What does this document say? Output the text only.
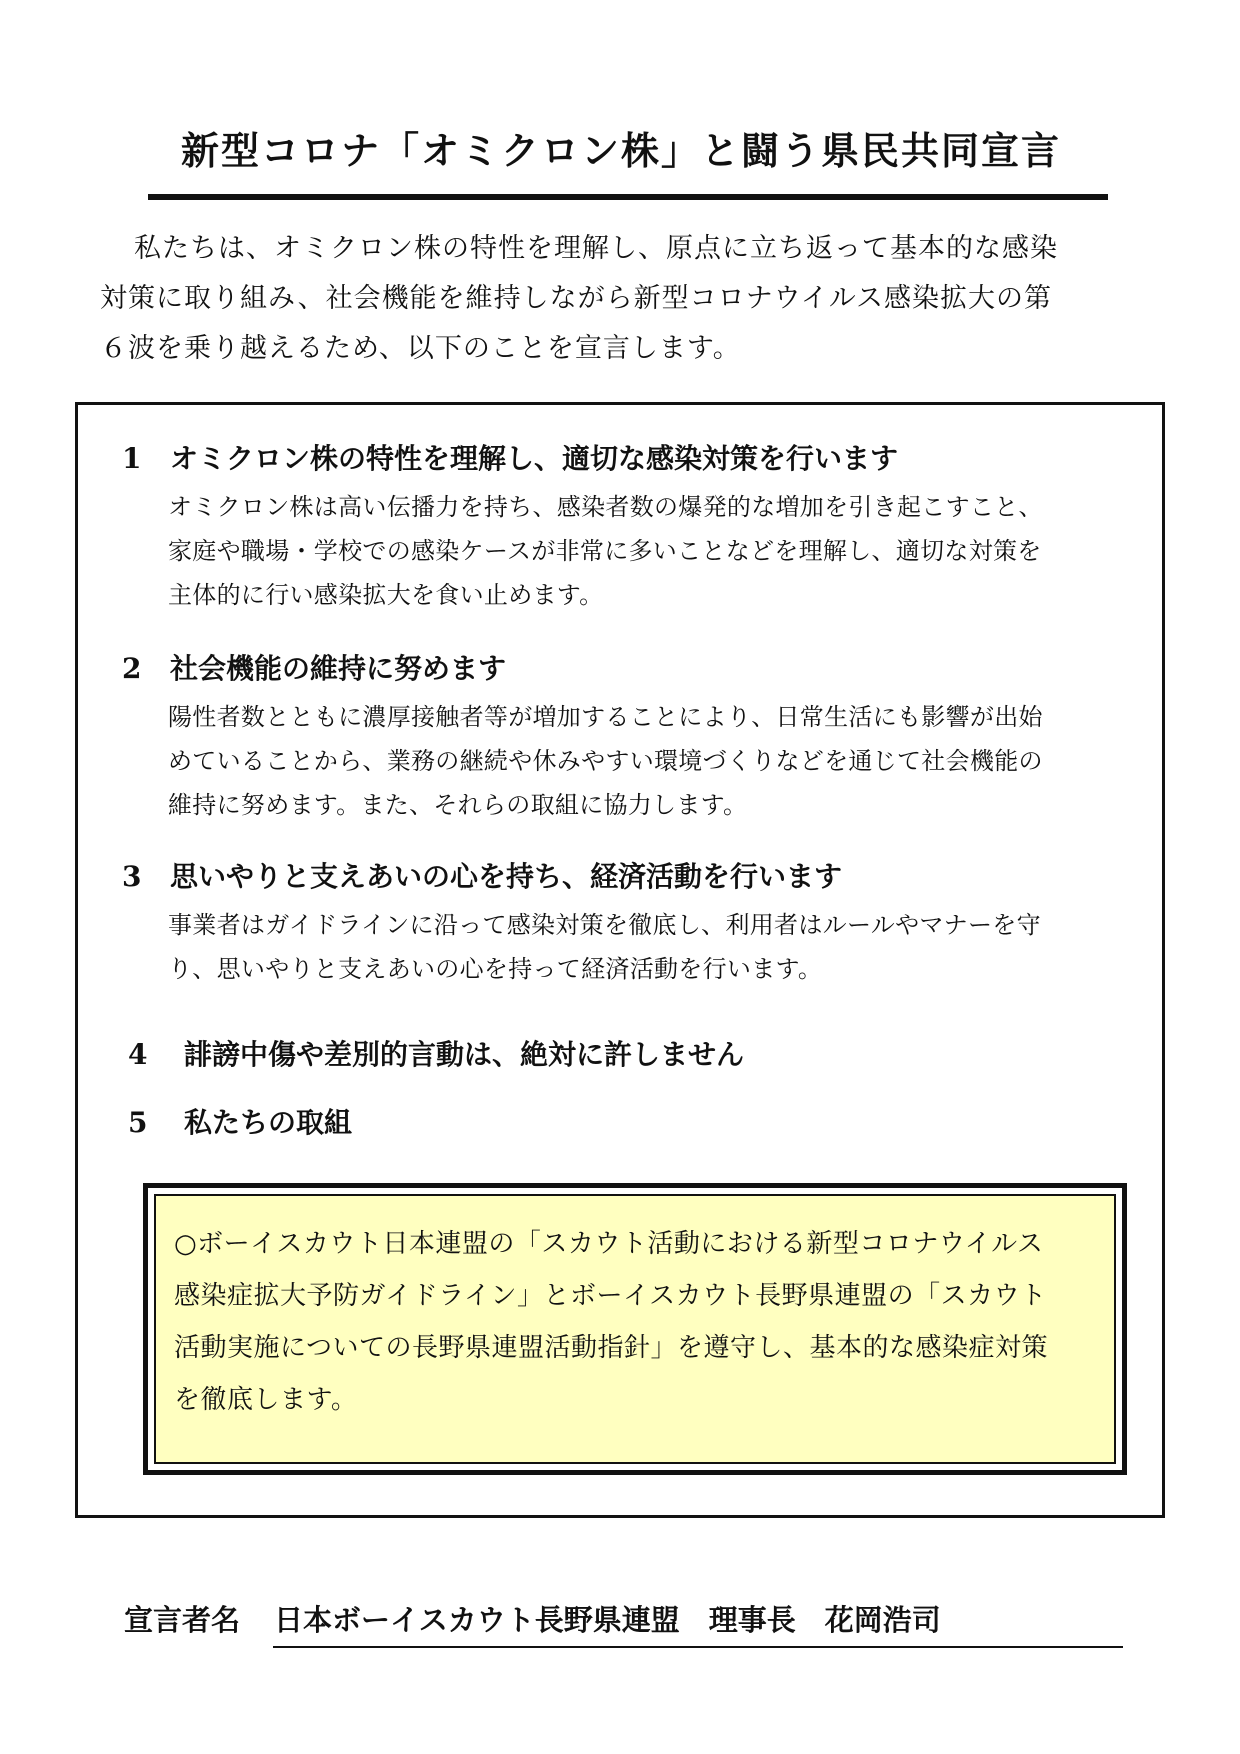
新型コロナ「オミクロン株」と闘う県民共同宣言
私たちは、オミクロン株の特性を理解し、原点に立ち返って基本的な感染
対策に取り組み、社会機能を維持しながら新型コロナウイルス感染拡大の第
６波を乗り越えるため、以下のことを宣言します。
1 オミクロン株の特性を理解し、適切な感染対策を行います
オミクロン株は高い伝播力を持ち、感染者数の爆発的な増加を引き起こすこと、
家庭や職場・学校での感染ケースが非常に多いことなどを理解し、適切な対策を
主体的に行い感染拡大を食い止めます。
2 社会機能の維持に努めます
陽性者数とともに濃厚接触者等が増加することにより、日常生活にも影響が出始
めていることから、業務の継続や休みやすい環境づくりなどを通じて社会機能の
維持に努めます。また、それらの取組に協力します。
3 思いやりと支えあいの心を持ち、経済活動を行います
事業者はガイドラインに沿って感染対策を徹底し、利用者はルールやマナーを守
り、思いやりと支えあいの心を持って経済活動を行います。
4 誹謗中傷や差別的言動は、絶対に許しません
5 私たちの取組
○ボーイスカウト日本連盟の「スカウト活動における新型コロナウイルス
感染症拡大予防ガイドライン」とボーイスカウト長野県連盟の「スカウト
活動実施についての長野県連盟活動指針」を遵守し、基本的な感染症対策
を徹底します。
宣言者名 日本ボーイスカウト長野県連盟　理事長　花岡浩司
